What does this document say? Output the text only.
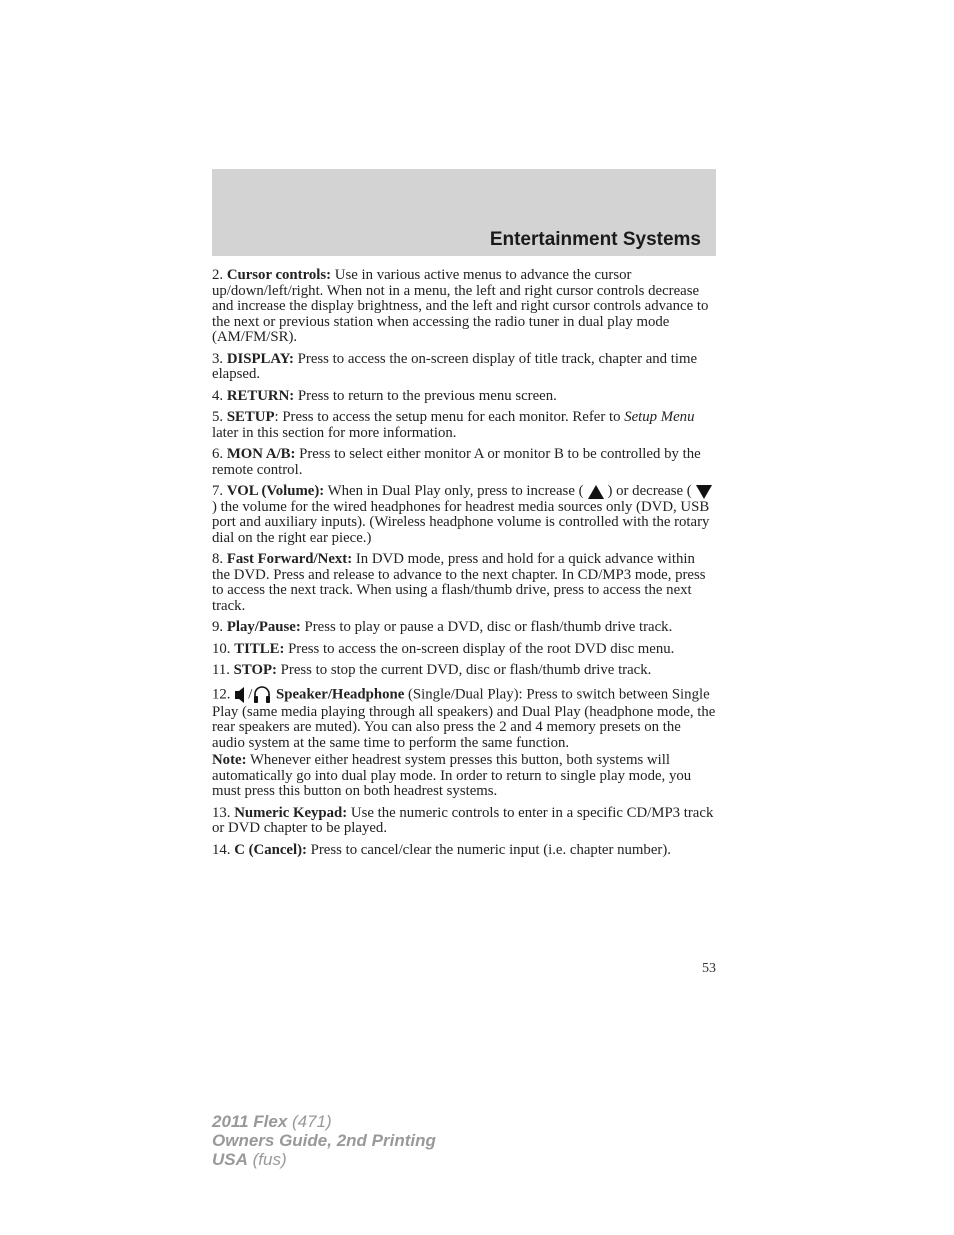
Entertainment Systems

2. Cursor controls: Use in various active menus to advance the cursor up/down/left/right. When not in a menu, the left and right cursor controls decrease and increase the display brightness, and the left and right cursor controls advance to the next or previous station when accessing the radio tuner in dual play mode (AM/FM/SR).

3. DISPLAY: Press to access the on-screen display of title track, chapter and time elapsed.

4. RETURN: Press to return to the previous menu screen.

5. SETUP: Press to access the setup menu for each monitor. Refer to Setup Menu later in this section for more information.

6. MON A/B: Press to select either monitor A or monitor B to be controlled by the remote control.

7. VOL (Volume): When in Dual Play only, press to increase ( ) or decrease () the volume for the wired headphones for headrest media sources only (DVD, USB port and auxiliary inputs). (Wireless headphone volume is controlled with the rotary dial on the right ear piece.)

8. Fast Forward/Next: In DVD mode, press and hold for a quick advance within the DVD. Press and release to advance to the next chapter. In CD/MP3 mode, press to access the next track. When using a flash/thumb drive, press to access the next track.

9. Play/Pause: Press to play or pause a DVD, disc or flash/thumb drive track.

10. TITLE: Press to access the on-screen display of the root DVD disc menu.

11. STOP: Press to stop the current DVD, disc or flash/thumb drive track.

12. / Speaker/Headphone (Single/Dual Play): Press to switch between Single Play (same media playing through all speakers) and Dual Play (headphone mode, the rear speakers are muted). You can also press the 2 and 4 memory presets on the audio system at the same time to perform the same function.

Note: Whenever either headrest system presses this button, both systems will automatically go into dual play mode. In order to return to single play mode, you must press this button on both headrest systems.

13. Numeric Keypad: Use the numeric controls to enter in a specific CD/MP3 track or DVD chapter to be played.

14. C (Cancel): Press to cancel/clear the numeric input (i.e. chapter number).

53
2011 Flex (471)
Owners Guide, 2nd Printing
USA (fus)
